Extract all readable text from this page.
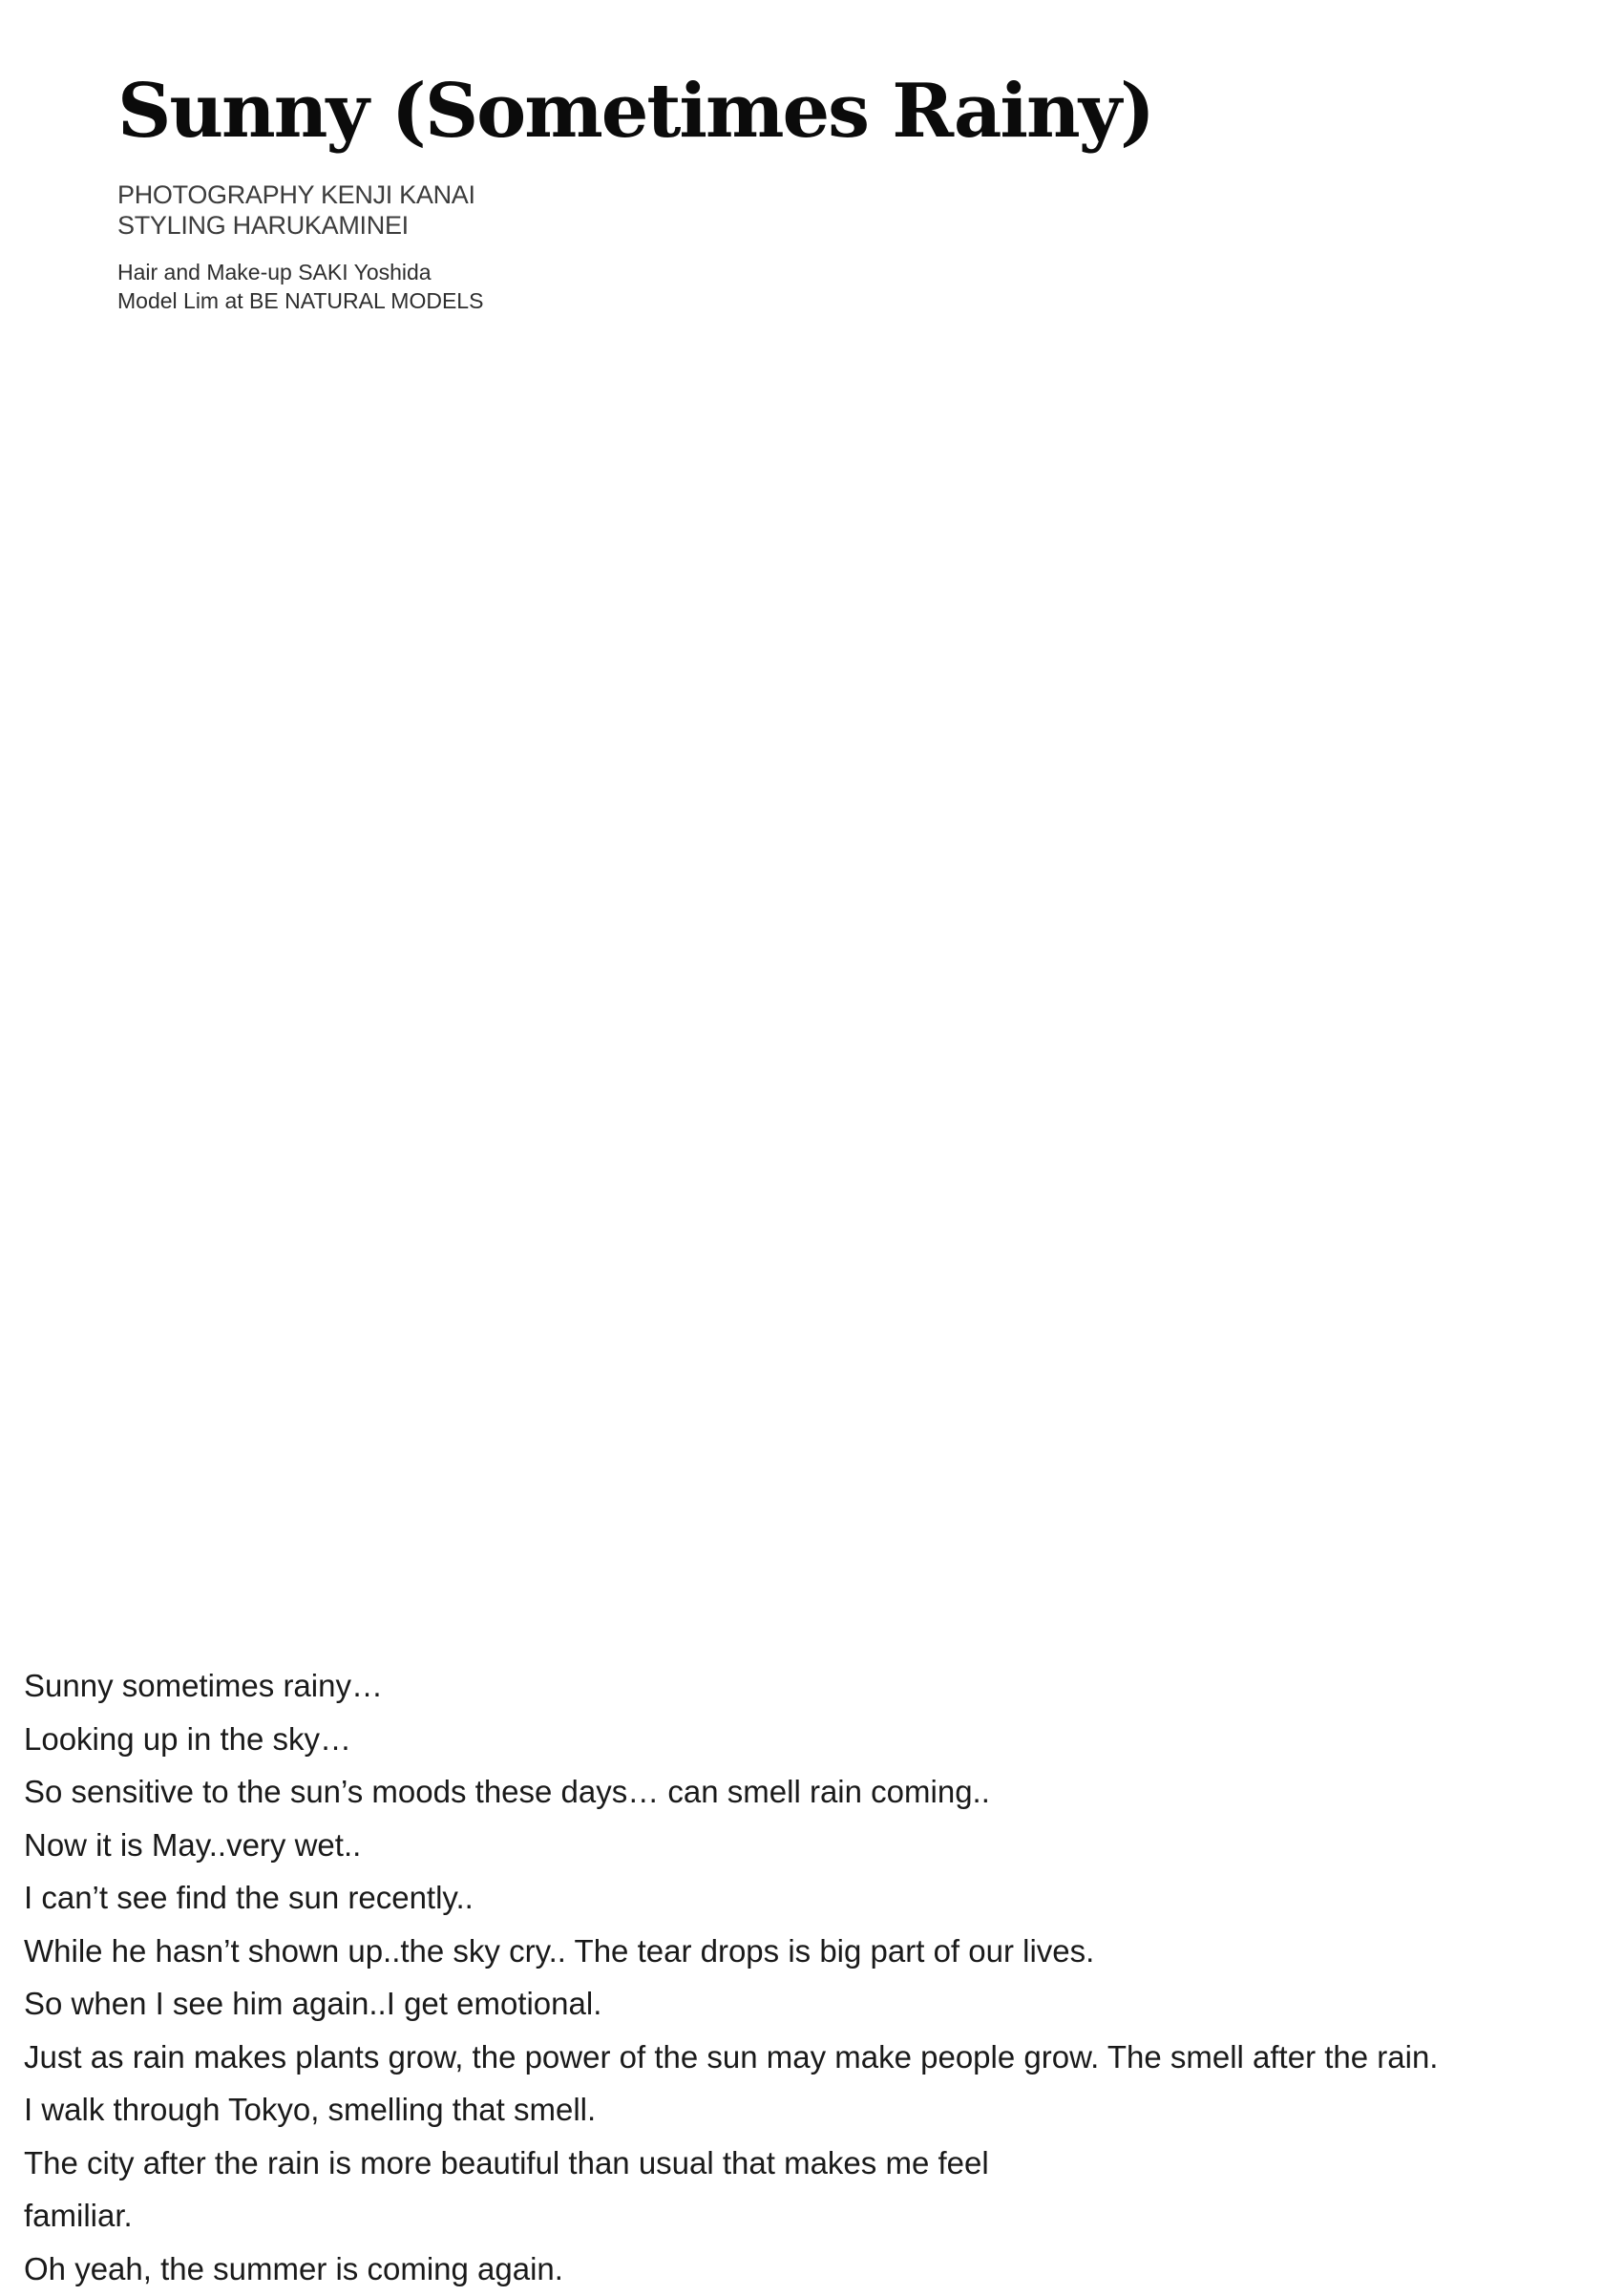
Sunny (Sometimes Rainy)
PHOTOGRAPHY KENJI KANAI
STYLING HARUKAMINEI
Hair and Make-up SAKI Yoshida
Model Lim at BE NATURAL MODELS
Sunny sometimes rainy…
Looking up in the sky…
So sensitive to the sun’s moods these days… can smell rain coming..
Now it is May..very wet..
I can’t see find the sun recently..
While he hasn’t shown up..the sky cry.. The tear drops is big part of our lives.
So when I see him again..I get emotional.
Just as rain makes plants grow, the power of the sun may make people grow. The smell after the rain.
I walk through Tokyo, smelling that smell.
The city after the rain is more beautiful than usual that makes me feel
familiar.
Oh yeah, the summer is coming again.
